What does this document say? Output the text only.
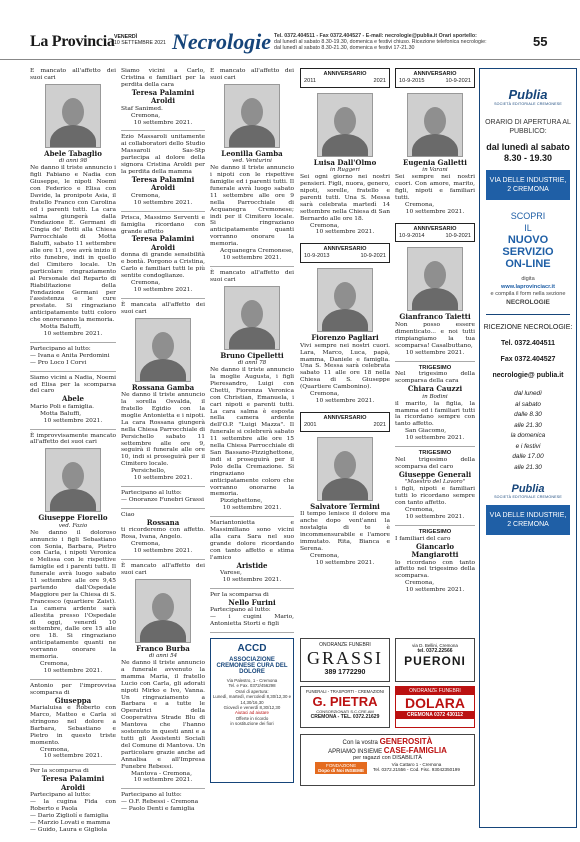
La Provincia VENERDÌ
10 SETTEMBRE 2021 Necrologie Tel. 0372.404511 - Fax 0372.404527 - E-mail: necrologie@publia.it Orari sportello:
dal lunedì al sabato 8.30-19.30, domenica e festivi chiuso. Ricezione telefonica necrologie:
dal lunedì al sabato 8.30-21.30, domenica e festivi 17-21.30	55

È mancato all'affetto dei suoi cari

Abele Tabaglio
di anni 98

Ne danno il triste annuncio i figli Fabiano e Nadia con Giuseppe, le nipoti Noemi con Federico e Elisa con Davide, la pronipote Asia, il fratello Franco con Carolina ed i parenti tutti. La cara salma giungerà dalla Fondazione E. Germani di Cingia de' Botti alla Chiesa Parrocchiale di Motta Baluffi, sabato 11 settembre alle ore 11, ove avrà inizio il rito funebre, indi in quello del Cimitero locale. Un particolare ringraziamento al Personale del Reparto di Riabilitazione della Fondazione Germani per l'assistenza e le cure prestate. Si ringraziano anticipatamente tutti coloro che onoreranno la memoria.

Motta Baluffi,
10 settembre 2021.

Partecipano al lutto:

— Ivana e Anita Perdomini
— Pro Loco I Corvi

Siamo vicini a Nadia, Noemi ed Elisa per la scomparsa del caro

Abele

Mario Poli e famiglia.

Motta Baluffi,
10 settembre 2021.

È improvvisamente mancato all'affetto dei suoi cari

Giuseppe Fiorello
ved. Fazio

Ne danno il doloroso annuncio i figli Sebastiano con Sonia, Barbara, Pietro con Carla, i nipoti Veronica e Melissa con le rispettive famiglie ed i parenti tutti. Il funerale avrà luogo sabato 11 settembre alle ore 9,45 partendo dall'Ospedale Maggiore per la Chiesa di S. Francesco (quartiere Zaist). La camera ardente sarà allestita presso l'Ospedale di oggi, venerdì 10 settembre, dalle ore 15 alle ore 18. Si ringraziano anticipatamente quanti ne vorranno onorare la memoria.

Cremona,
10 settembre 2021.

Antonio per l'improvvisa scomparsa di

Giuseppa

Marialuisa e Roberto con Marco, Matteo e Carla si stringono nel dolore a Barbara, Sebastiano e Pietro in questo triste momento.

Cremona,
10 settembre 2021.

Per la scomparsa di

Teresa Palamini Aroldi

Partecipano al lutto:
— la cugina Fida con Roberto e Paola
— Dario Zigliolí e famiglia
— Marzio Lovati e mamma
— Guido, Laura e Gigliola

Siamo vicini a Carlo, Cristina e familiari per la perdita della cara

Teresa Palamini Aroldi

Staf Sanimed.

Cremona,
10 settembre 2021.

Ezio Massaroli unitamente ai collaboratori dello Studio Massaroli Sas-Stp partecipa al dolore della signora Cristina Aroldi per la perdita della mamma

Teresa Palamini Aroldi
Cremona,
10 settembre 2021.

Prisca, Massimo Serventi e famiglia ricordano con grande affetto

Teresa Palamini Aroldi

donna di grande sensibilità e bontà. Porgono a Cristina, Carlo e familiari tutti le più sentite condoglianze.

Cremona,
10 settembre 2021.

È mancata all'affetto dei suoi cari

Rossana Gamba

Ne danno il triste annuncio la sorella Osvalda, il fratello Egidio con la moglie Antonietta e i nipoti. La cara Rossana giungerà nella Chiesa Parrocchiale di Persichello sabato 11 settembre alle ore 9, seguirà il funerale alle ore 10, indi si proseguirà per il Cimitero locale.

Persichello,
10 settembre 2021.

Partecipano al lutto:

— Onoranze Funebri Grassi

Ciao

Rossana

ti ricorderemo con affetto. Rosa, Ivana, Angelo.

Cremona,
10 settembre 2021.

È mancato all'affetto dei suoi cari

Franco Burba
di anni 54

Ne danno il triste annuncio a funerale avvenuto la mamma Maria, il fratello Lucio con Carla, gli adorati nipoti Mirko e Ivo, Vanna. Un ringraziamento a Barbara e a tutte le Operatrici della Cooperativa Strade Blu di Mantova che l'hanno sostenuto in questi anni e a tutti gli Assistenti Sociali del Comune di Mantova. Un particolare grazie anche ad Annalisa e all'Impresa Funebre Rebessi.

Mantova - Cremona,
10 settembre 2021.

Partecipano al lutto:

— O.F. Rebessi - Cremona
— Paolo Denti e famiglia

È mancato all'affetto dei suoi cari

Leonilla Gamba
ved. Venturini

Ne danno il triste annuncio i nipoti con le rispettive famiglie ed i parenti tutti. Il funerale avrà luogo sabato 11 settembre alle ore 9 nella Parrocchiale di Acquanegra Cremonese; indi per il Cimitero locale. Si ringraziano anticipatamente quanti vorranno onorare la memoria.

Acquanegra Cremonese,
10 settembre 2021.

È mancato all'affetto dei suoi cari

Bruno Cipelletti
di anni 78

Ne danno il triste annuncio la moglie Augusta, i figli Pieresandro, Luigi con Chetti, Fiorenza Veronica con Christian, Emanuela, i cari nipoti e parenti tutti. La cara salma è esposta nella camera ardente dell'O.P. "Luigi Mazza". Il funerale si celebrerà sabato 11 settembre alle ore 15 nella Chiesa Parrocchiale di San Bassano-Pizzighettone, indi si proseguirà per il Polo della Cremazione. Si ringraziano anticipatamente coloro che vorranno onorarne la memoria.

Pizzighettone,
10 settembre 2021.

Mariantonietta e Massimiliano sono vicini alla cara Sara nel suo grande dolore ricordando con tanto affetto e stima l'amico

Aristide
Varese,
10 settembre 2021.

Per la scomparsa di

Nello Furini

Partecipano al lutto:
— i cugini Mario, Antonietta Storti e figli

ANNIVERSARIO
2011	2021
Luisa Dall'Olmo
in Ruggeri

Sei ogni giorno nei nostri pensieri. Figli, nuora, genero, nipoti, sorelle, fratello e parenti tutti. Una S. Messa sarà celebrata martedì 14 settembre nella Chiesa di San Bernardo alle ore 18.

Cremona,
10 settembre 2021.
ANNIVERSARIO
10-9-2013	10-9-2021
Fiorenzo Pagliari

Vivi sempre nei nostri cuori. Lara, Marco, Luca, papà, mamma, Daniele e famiglia. Una S. Messa sarà celebrata sabato 11 alle ore 18 nella Chiesa di S. Giuseppe (Quartiere Cambonino).

Cremona,
10 settembre 2021.
ANNIVERSARIO
2001	2021
Salvatore Termini

Il tempo lenisce il dolore ma anche dopo vent'anni la nostalgia di te è incommensurabile e l'amore immutato. Rita, Bianca e Serena.

Cremona,
10 settembre 2021.
ANNIVERSARIO
10-9-2015	10-9-2021
Eugenia Galletti
in Varani

Sei sempre nei nostri cuori. Con amore, marito, figli, nipoti e familiari tutti.

Cremona,
10 settembre 2021.
ANNIVERSARIO
10-9-2014	10-9-2021
Gianfranco Taietti

Non posso essere dimenticato... e noi tutti rimpiangiamo la tua scomparsa! Casalbuttano,

10 settembre 2021.
TRIGESIMO

Nel trigesimo della scomparsa della cara

Chiara Cauzzi
in Bodini

il marito, la figlia, la mamma ed i familiari tutti la ricordano sempre con tanto affetto.

San Giacomo,
10 settembre 2021.
TRIGESIMO

Nel trigesimo della scomparsa del caro

Giuseppe Generali
"Maestro del Lavoro"

i figli, nipoti e familiari tutti lo ricordano sempre con tanto affetto.

Cremona,
10 settembre 2021.
TRIGESIMO

I familiari del caro

Giancarlo Mangiarotti

lo ricordano con tanto affetto nel trigesimo della scomparsa.

Cremona,
10 settembre 2021.
ACCD
ASSOCIAZIONE CREMONESE CURA DEL DOLORE
Via Palestro, 1 - Cremona
Tel. e Fax. 0372/456298
Orari di apertura:
Lunedì, martedì, mercoledì 8,30/12,30 e 14,30/16,30
Giovedì e venerdì 8,30/12,30
Aiutaci ad aiutare
Offerte in ricordo
in sostituzione dei fiori
ONORANZE FUNEBRI
GRASSI
389 1772290
via D. Bellini, Cremona
tel. 0372.22566
PUERONI
FUNERALI - TRASPORTI - CREMAZIONI
G. PIETRA
CONSORZIONATI S.C.CRE.AM
CREMONA - TEL. 0372.21629
ONORANZE FUNEBRI
DOLARA
CREMONA 0372 430112
Con la vostra GENEROSITÀ
APRIAMO INSIEME CASE-FAMIGLIA
per ragazzi con DISABILITÀ
FONDAZIONE
Dopo di Noi INSIEME
Via Cattaro 1 - Cremona
Tel. 0372.21556 - Cod. Fisc. 93042350199
Publia
SOCIETÀ EDITORIALE CREMONESE
ORARIO DI APERTURA AL PUBBLICO:
dal lunedì al sabato 8.30 - 19.30
VIA DELLE INDUSTRIE, 2 CREMONA
SCOPRI
IL
NUOVO
SERVIZIO
ON-LINE
digita
www.laprovinciacr.it
e compila il form nella sezione
NECROLOGIE
RICEZIONE NECROLOGIE:
Tel. 0372.404511
Fax 0372.404527
necrologie@ publia.it
dal lunedì
al sabato
dalle 8.30
alle 21.30
la domenica
e i festivi
dalle 17.00
alle 21.30
Publia
SOCIETÀ EDITORIALE CREMONESE
VIA DELLE INDUSTRIE, 2 CREMONA
